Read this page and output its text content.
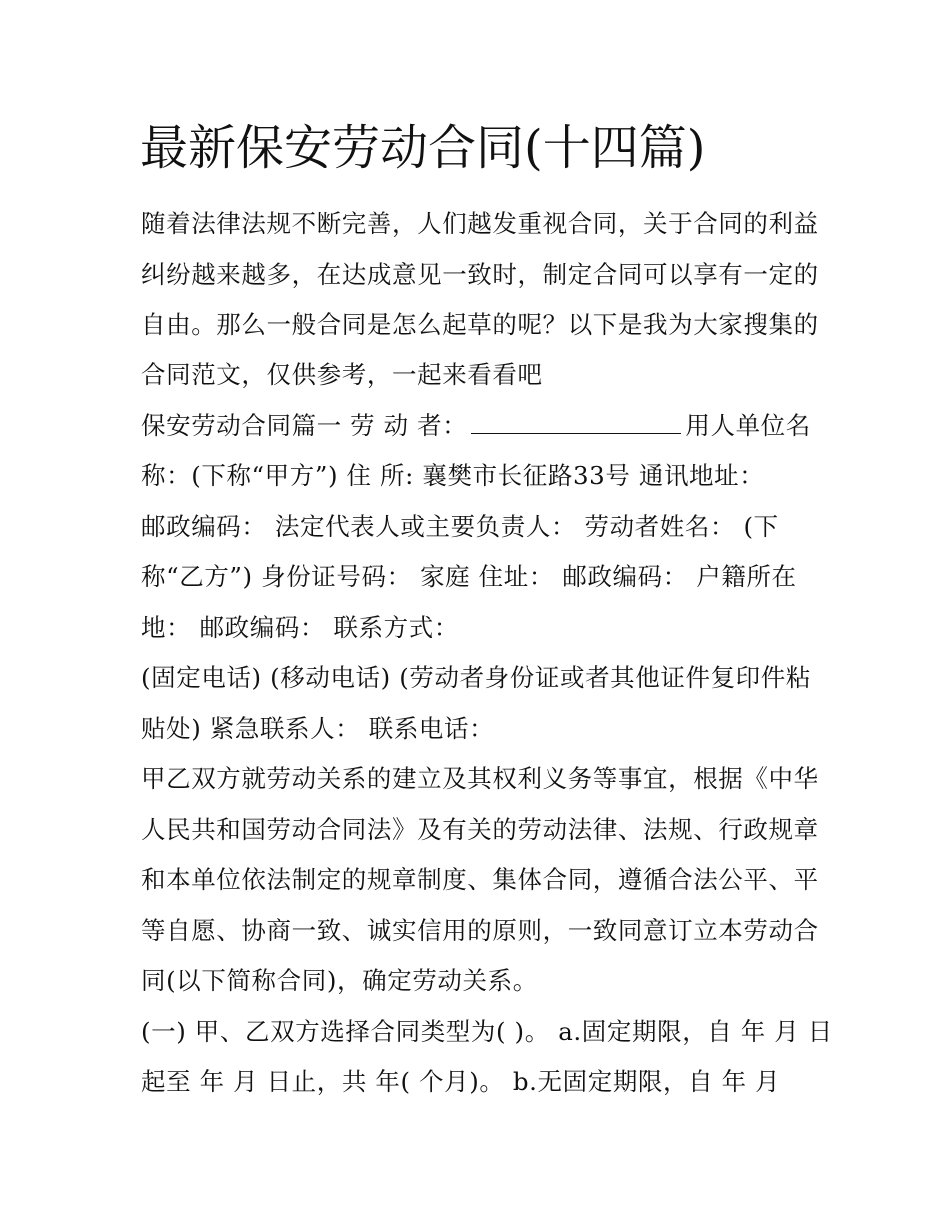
最新保安劳动合同(十四篇)
随着法律法规不断完善，人们越发重视合同，关于合同的利益
纠纷越来越多，在达成意见一致时，制定合同可以享有一定的
自由。那么一般合同是怎么起草的呢？以下是我为大家搜集的
合同范文，仅供参考，一起来看看吧
保安劳动合同篇一 劳 动 者：	用人单位名
称：(下称“甲方”) 住 所: 襄樊市长征路33号 通讯地址：
邮政编码： 法定代表人或主要负责人： 劳动者姓名： (下
称“乙方”) 身份证号码： 家庭 住址： 邮政编码： 户籍所在
地： 邮政编码： 联系方式：
(固定电话) (移动电话) (劳动者身份证或者其他证件复印件粘
贴处) 紧急联系人： 联系电话：
甲乙双方就劳动关系的建立及其权利义务等事宜，根据《中华
人民共和国劳动合同法》及有关的劳动法律、法规、行政规章
和本单位依法制定的规章制度、集体合同，遵循合法公平、平
等自愿、协商一致、诚实信用的原则，一致同意订立本劳动合
同(以下简称合同)，确定劳动关系。
(一) 甲、乙双方选择合同类型为( )。 a.固定期限，自 年 月 日
起至 年 月 日止，共 年( 个月)。 b.无固定期限，自 年 月
